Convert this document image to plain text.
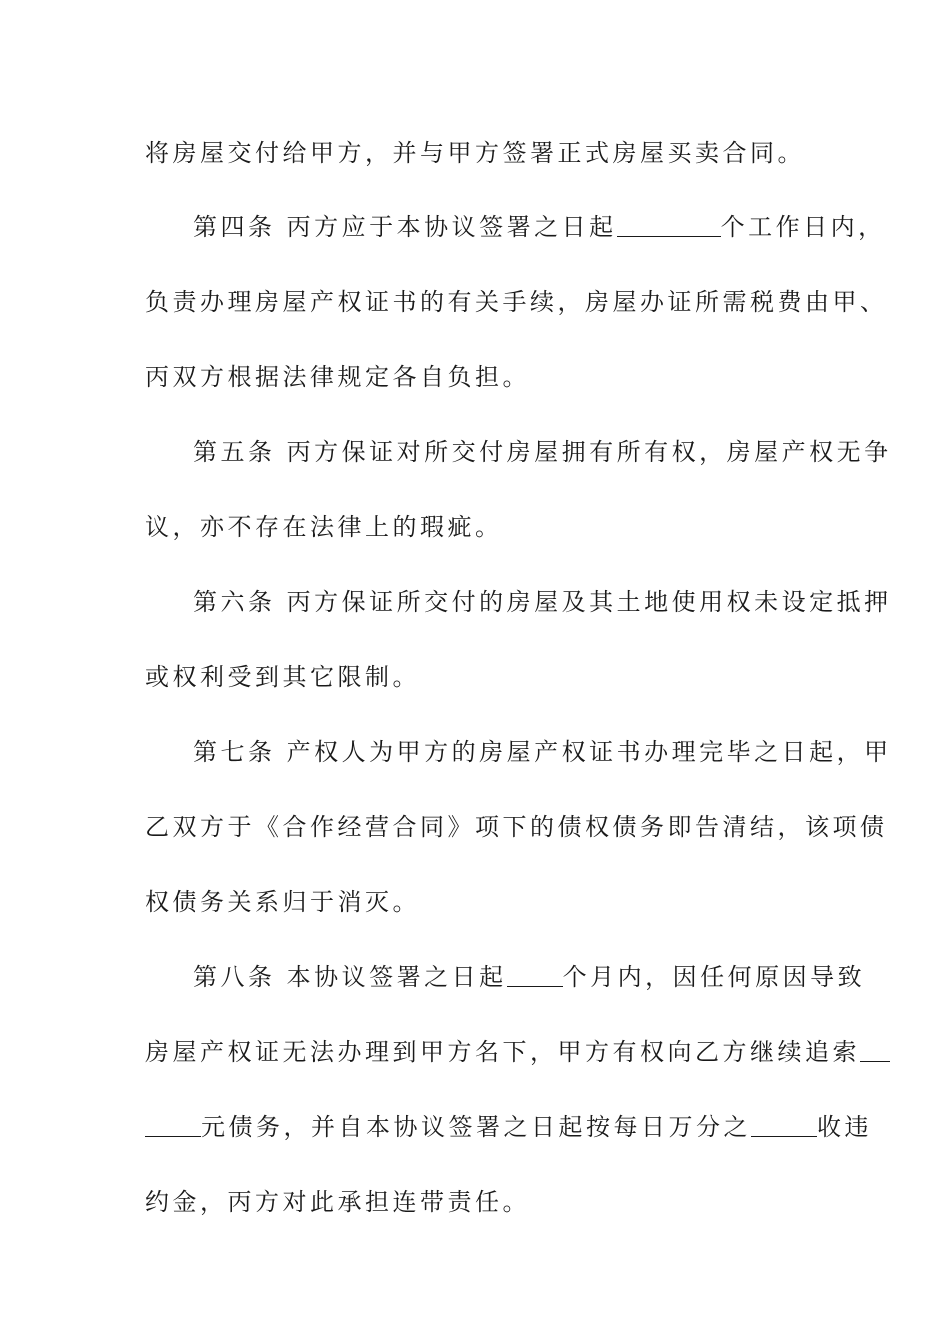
将房屋交付给甲方，并与甲方签署正式房屋买卖合同。
第四条 丙方应于本协议签署之日起	个工作日内，
负责办理房屋产权证书的有关手续，房屋办证所需税费由甲、
丙双方根据法律规定各自负担。
第五条 丙方保证对所交付房屋拥有所有权，房屋产权无争
议，亦不存在法律上的瑕疵。
第六条 丙方保证所交付的房屋及其土地使用权未设定抵押
或权利受到其它限制。
第七条 产权人为甲方的房屋产权证书办理完毕之日起，甲
乙双方于《合作经营合同》项下的债权债务即告清结，该项债
权债务关系归于消灭。
第八条 本协议签署之日起 个月内，因任何原因导致
房屋产权证无法办理到甲方名下，甲方有权向乙方继续追索
元债务，并自本协议签署之日起按每日万分之	收违
约金，丙方对此承担连带责任。
